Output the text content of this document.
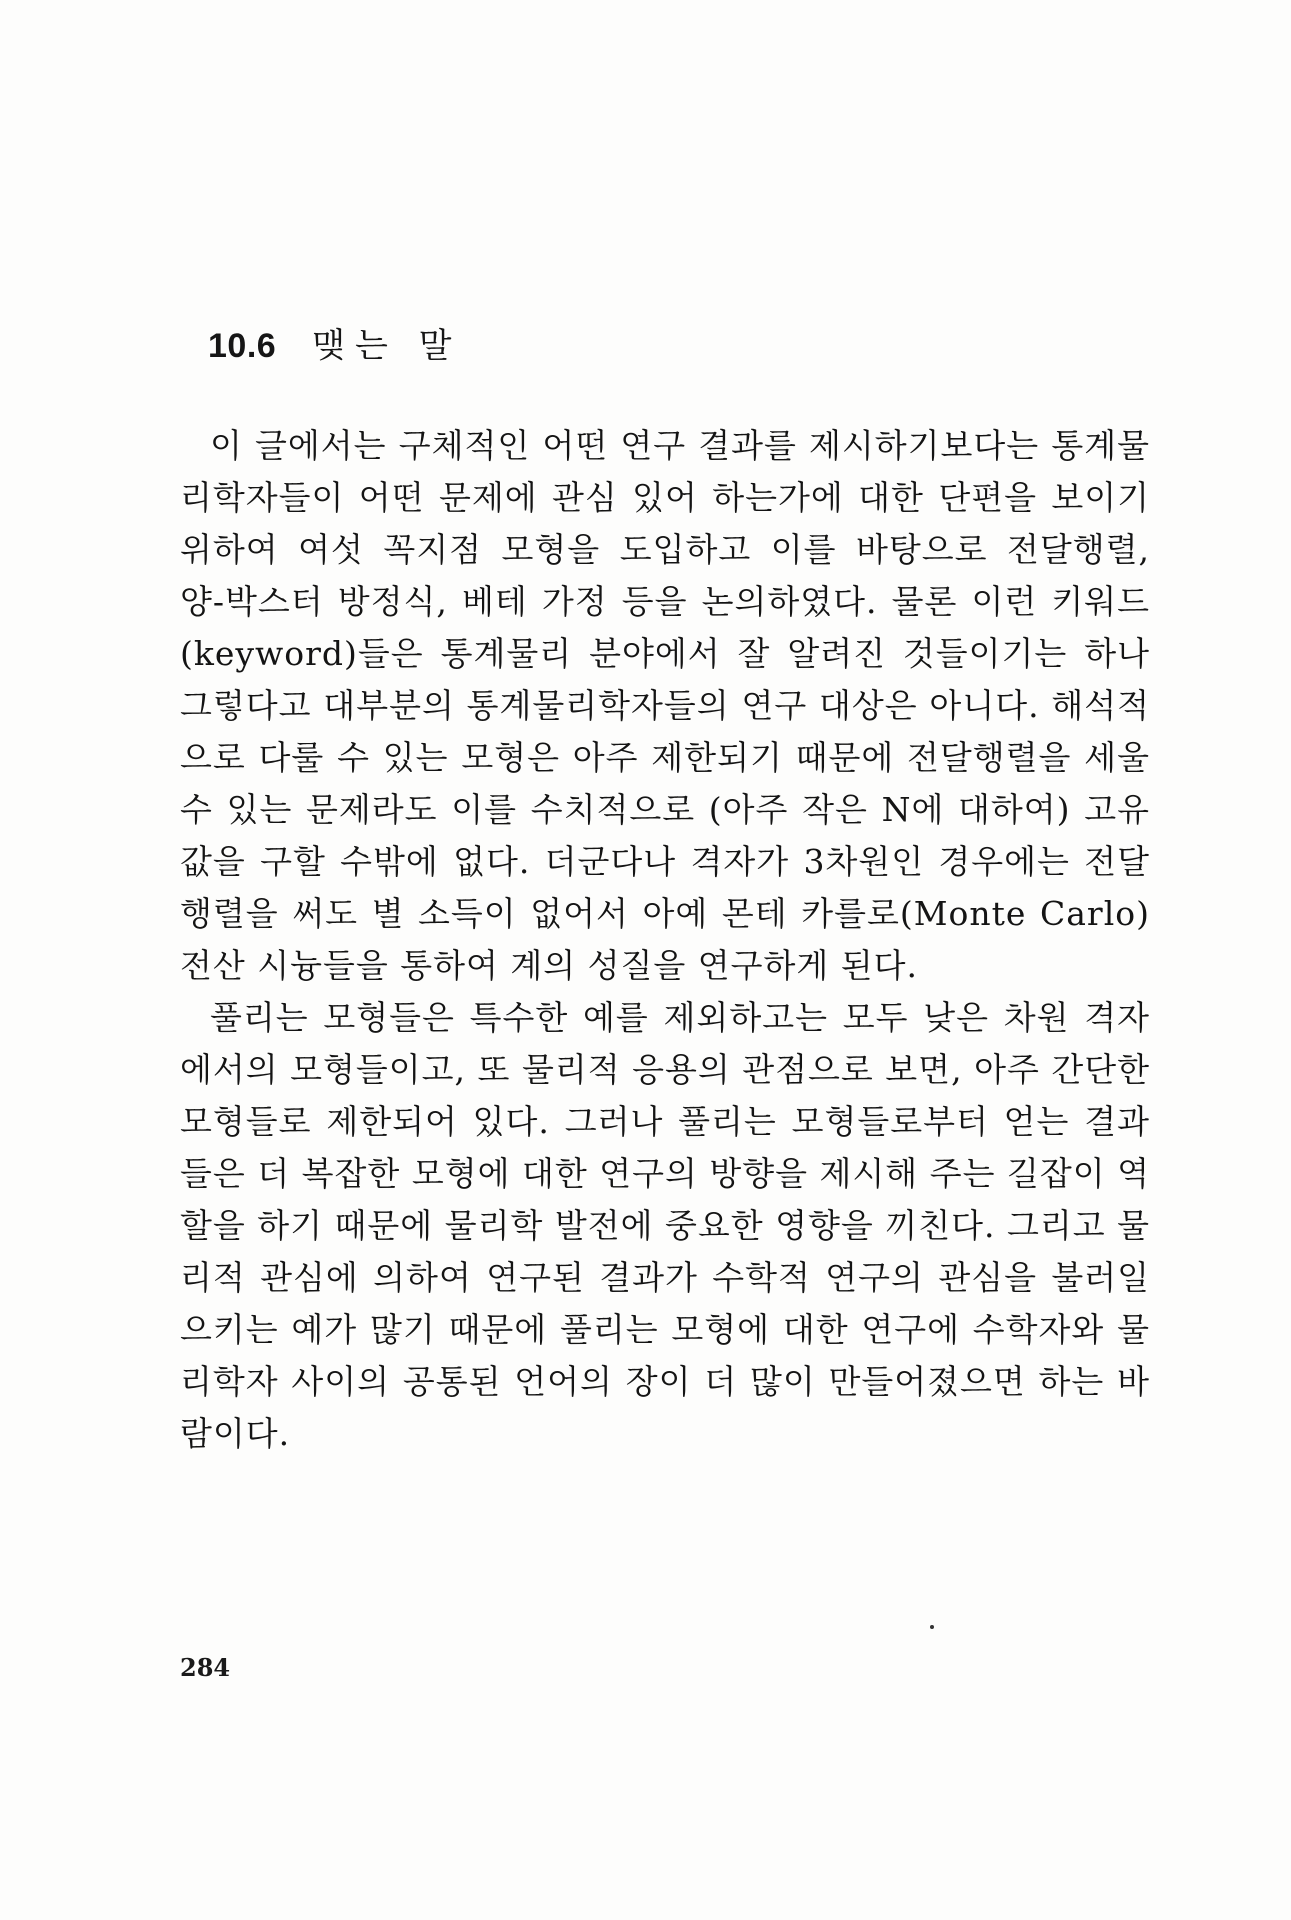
10.6 맺는 말

이 글에서는 구체적인 어떤 연구 결과를 제시하기보다는 통계물리학자들이 어떤 문제에 관심 있어 하는가에 대한 단편을 보이기 위하여 여섯 꼭지점 모형을 도입하고 이를 바탕으로 전달행렬, 양-박스터 방정식, 베테 가정 등을 논의하였다. 물론 이런 키워드(keyword)들은 통계물리 분야에서 잘 알려진 것들이기는 하나 그렇다고 대부분의 통계물리학자들의 연구 대상은 아니다. 해석적으로 다룰 수 있는 모형은 아주 제한되기 때문에 전달행렬을 세울 수 있는 문제라도 이를 수치적으로 (아주 작은 N에 대하여) 고유값을 구할 수밖에 없다. 더군다나 격자가 3차원인 경우에는 전달행렬을 써도 별 소득이 없어서 아예 몬테 카를로(Monte Carlo) 전산 시늉들을 통하여 계의 성질을 연구하게 된다.

풀리는 모형들은 특수한 예를 제외하고는 모두 낮은 차원 격자에서의 모형들이고, 또 물리적 응용의 관점으로 보면, 아주 간단한 모형들로 제한되어 있다. 그러나 풀리는 모형들로부터 얻는 결과들은 더 복잡한 모형에 대한 연구의 방향을 제시해 주는 길잡이 역할을 하기 때문에 물리학 발전에 중요한 영향을 끼친다. 그리고 물리적 관심에 의하여 연구된 결과가 수학적 연구의 관심을 불러일으키는 예가 많기 때문에 풀리는 모형에 대한 연구에 수학자와 물리학자 사이의 공통된 언어의 장이 더 많이 만들어졌으면 하는 바람이다.

284
